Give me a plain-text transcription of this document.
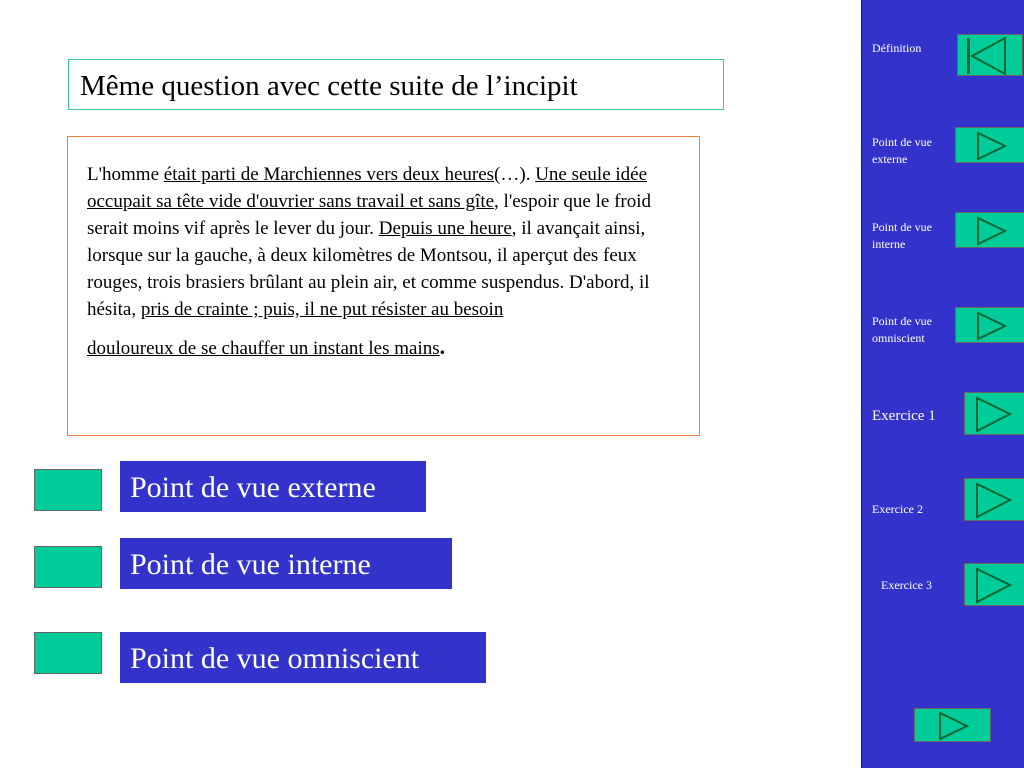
Même question avec cette suite de l’incipit

L'homme était parti de Marchiennes vers deux heures(…). Une seule idée occupait sa tête vide d'ouvrier sans travail et sans gîte, l'espoir que le froid serait moins vif après le lever du jour. Depuis une heure, il avançait ainsi, lorsque sur la gauche, à deux kilomètres de Montsou, il aperçut des feux rouges, trois brasiers brûlant au plein air, et comme suspendus. D'abord, il hésita, pris de crainte ; puis, il ne put résister au besoin
douloureux de se chauffer un instant les mains.

Point de vue externe
Point de vue interne
Point de vue omniscient
Définition
Point de vue externe
Point de vue interne
Point de vue omniscient
Exercice 1
Exercice 2
Exercice 3
